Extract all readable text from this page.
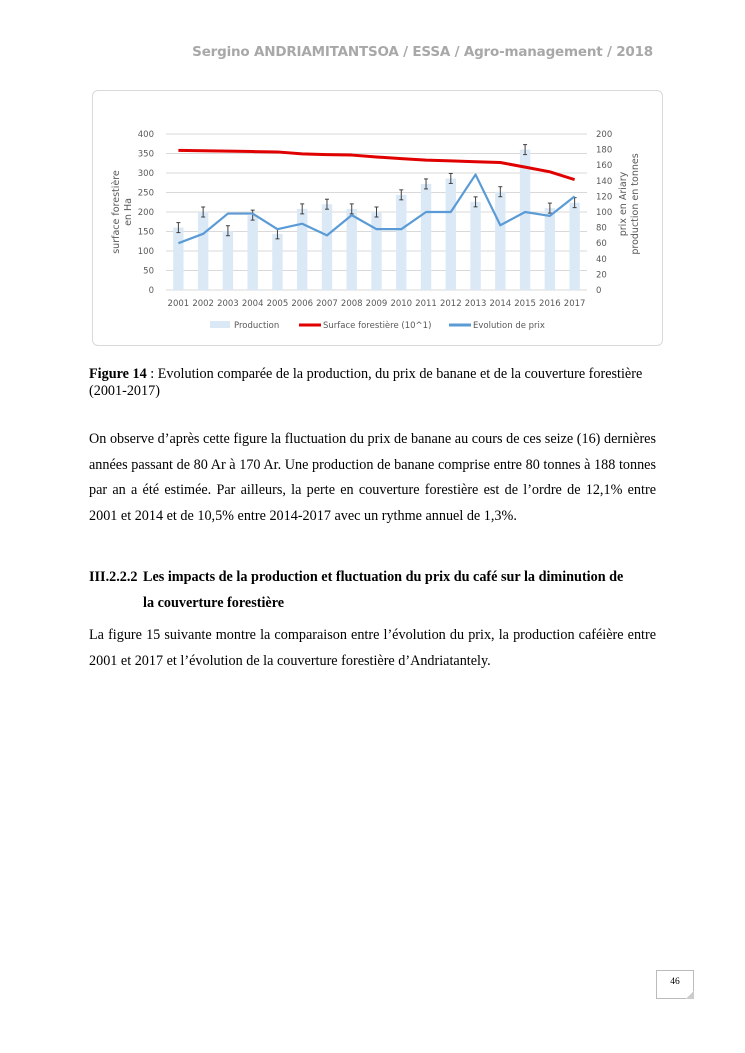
Sergino ANDRIAMITANTSOA / ESSA / Agro-management / 2018
0
50
100
150
200
250
300
350
400
0
20
40
60
80
100
120
140
160
180
200
2001 2002 2003 2004 2005 2006 2007 2008 2009 2010 2011 2012 2013 2014 2015 2016 2017
surface forestière en Ha	prix en Ariary production en tonnes
Production	Surface forestière (10^1)	Evolution de prix
Figure 14 : Evolution comparée de la production, du prix de banane et de la couverture forestière (2001-2017)
On observe d’après cette figure la fluctuation du prix de banane au cours de ces seize (16) dernières années passant de 80 Ar à 170 Ar. Une production de banane comprise entre 80 tonnes à 188 tonnes par an a été estimée. Par ailleurs, la perte en couverture forestière est de l’ordre de 12,1% entre 2001 et 2014 et de 10,5% entre 2014-2017 avec un rythme annuel de 1,3%.
III.2.2.2 Les impacts de la production et fluctuation du prix du café sur la diminution de
la couverture forestière
La figure 15 suivante montre la comparaison entre l’évolution du prix, la production caféière entre 2001 et 2017 et l’évolution de la couverture forestière d’Andriatantely.
46
